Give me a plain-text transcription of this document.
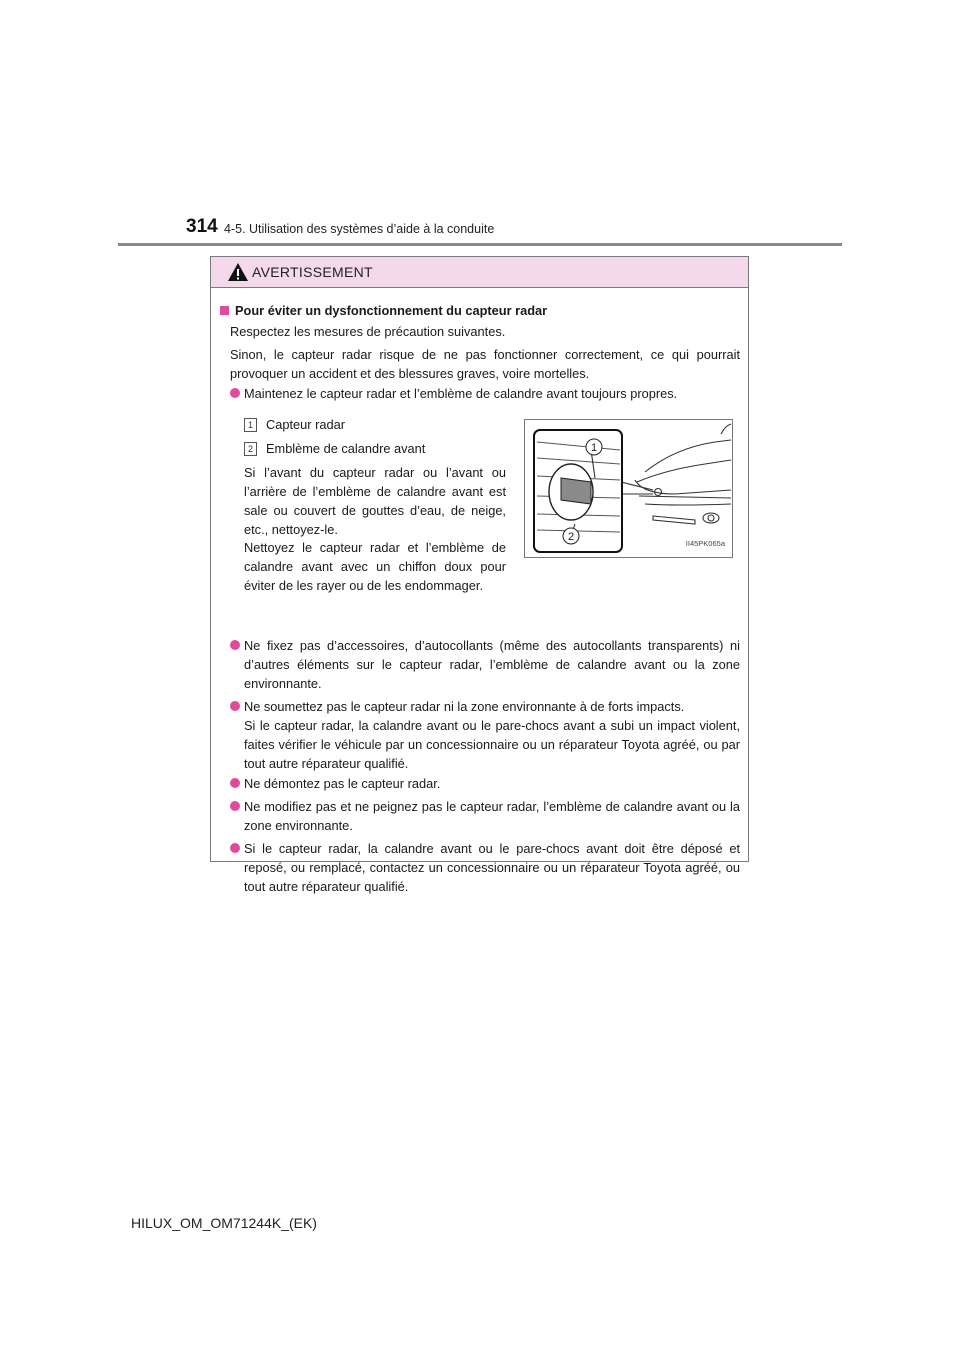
314 4-5. Utilisation des systèmes d’aide à la conduite
AVERTISSEMENT
Pour éviter un dysfonctionnement du capteur radar
Respectez les mesures de précaution suivantes.
Sinon, le capteur radar risque de ne pas fonctionner correctement, ce qui pourrait provoquer un accident et des blessures graves, voire mortelles.
Maintenez le capteur radar et l’emblème de calandre avant toujours propres.
1 Capteur radar
2 Emblème de calandre avant
Si l’avant du capteur radar ou l’avant ou l’arrière de l’emblème de calandre avant est sale ou couvert de gouttes d’eau, de neige, etc., nettoyez-le.
Nettoyez le capteur radar et l’emblème de calandre avant avec un chiffon doux pour éviter de les rayer ou de les endommager.
1
2
II45PK065a
Ne fixez pas d’accessoires, d’autocollants (même des autocollants transparents) ni d’autres éléments sur le capteur radar, l’emblème de calandre avant ou la zone environnante.
Ne soumettez pas le capteur radar ni la zone environnante à de forts impacts.
Si le capteur radar, la calandre avant ou le pare-chocs avant a subi un impact violent, faites vérifier le véhicule par un concessionnaire ou un réparateur Toyota agréé, ou par tout autre réparateur qualifié.
Ne démontez pas le capteur radar.
Ne modifiez pas et ne peignez pas le capteur radar, l’emblème de calandre avant ou la zone environnante.
Si le capteur radar, la calandre avant ou le pare-chocs avant doit être déposé et reposé, ou remplacé, contactez un concessionnaire ou un réparateur Toyota agréé, ou tout autre réparateur qualifié.
HILUX_OM_OM71244K_(EK)
